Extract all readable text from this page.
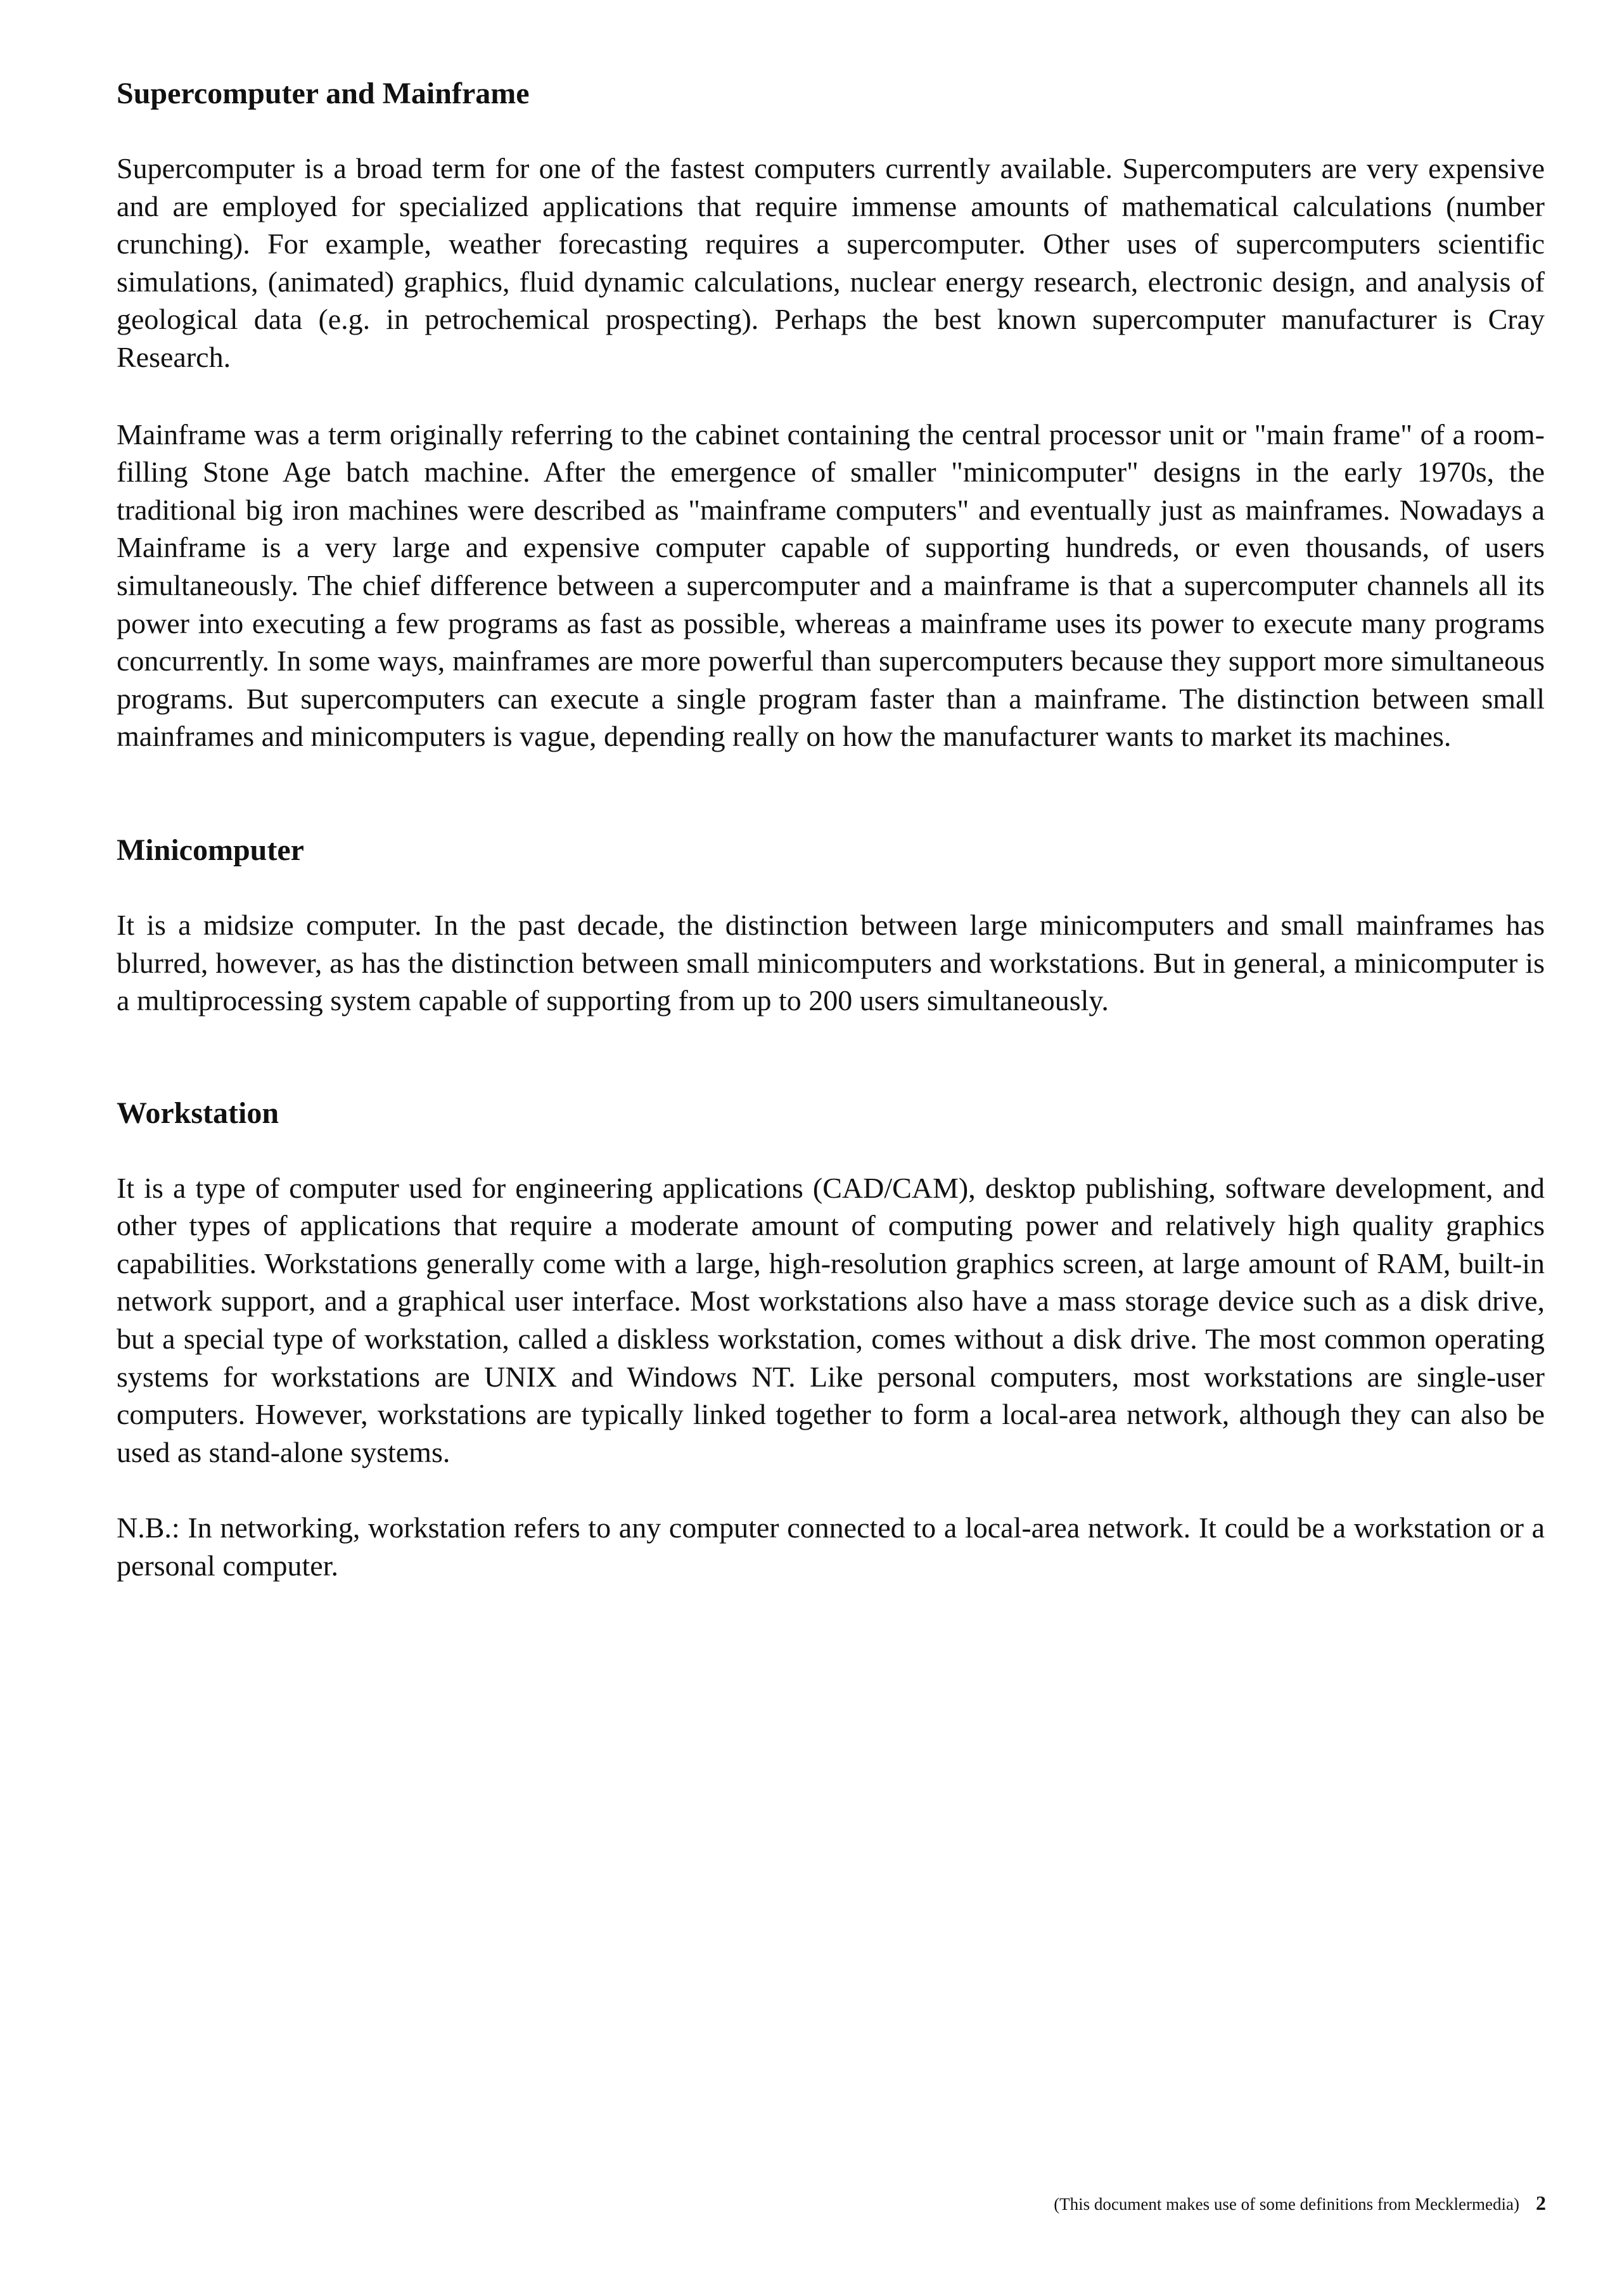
Supercomputer and Mainframe

Supercomputer is a broad term for one of the fastest computers currently available. Supercomputers are very expensive and are employed for specialized applications that require immense amounts of mathematical calculations (number crunching). For example, weather forecasting requires a supercomputer. Other uses of supercomputers scientific simulations, (animated) graphics, fluid dynamic calculations, nuclear energy research, electronic design, and analysis of geological data (e.g. in petrochemical prospecting). Perhaps the best known supercomputer manufacturer is Cray Research.

Mainframe was a term originally referring to the cabinet containing the central processor unit or "main frame" of a room-filling Stone Age batch machine. After the emergence of smaller "minicomputer" designs in the early 1970s, the traditional big iron machines were described as "mainframe computers" and eventually just as mainframes. Nowadays a Mainframe is a very large and expensive computer capable of supporting hundreds, or even thousands, of users simultaneously. The chief difference between a supercomputer and a mainframe is that a supercomputer channels all its power into executing a few programs as fast as possible, whereas a mainframe uses its power to execute many programs concurrently. In some ways, mainframes are more powerful than supercomputers because they support more simultaneous programs. But supercomputers can execute a single program faster than a mainframe. The distinction between small mainframes and minicomputers is vague, depending really on how the manufacturer wants to market its machines.

Minicomputer

It is a midsize computer. In the past decade, the distinction between large minicomputers and small mainframes has blurred, however, as has the distinction between small minicomputers and workstations. But in general, a minicomputer is a multiprocessing system capable of supporting from up to 200 users simultaneously.

Workstation

It is a type of computer used for engineering applications (CAD/CAM), desktop publishing, software development, and other types of applications that require a moderate amount of computing power and relatively high quality graphics capabilities. Workstations generally come with a large, high-resolution graphics screen, at large amount of RAM, built-in network support, and a graphical user interface. Most workstations also have a mass storage device such as a disk drive, but a special type of workstation, called a diskless workstation, comes without a disk drive. The most common operating systems for workstations are UNIX and Windows NT. Like personal computers, most workstations are single-user computers. However, workstations are typically linked together to form a local-area network, although they can also be used as stand-alone systems.

N.B.: In networking, workstation refers to any computer connected to a local-area network. It could be a workstation or a personal computer.

(This document makes use of some definitions from Mecklermedia) 2
